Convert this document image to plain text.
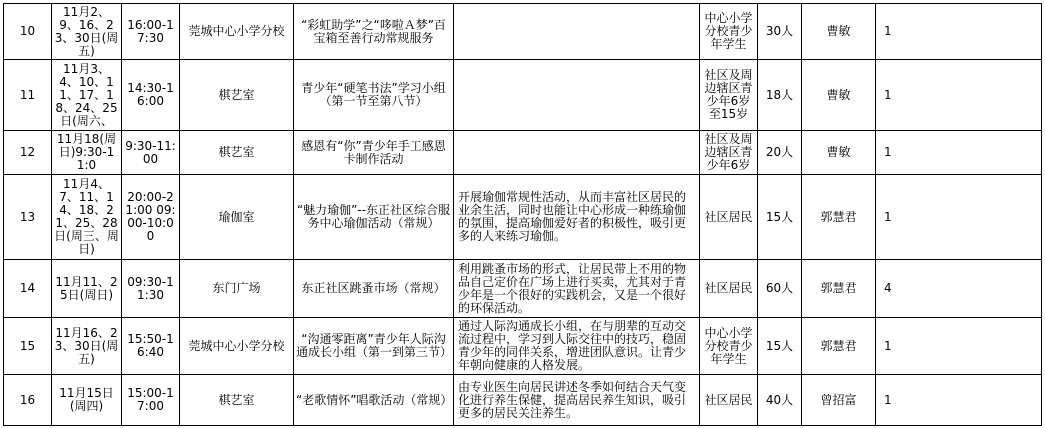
10	11月2、9、16、23、30日(周五)	16:00-17:30	莞城中心小学分校	“彩虹助学”之“哆啦Ａ梦”百宝箱至善行动常规服务		中心小学分校青少年学生	30人	曹敏	1
11	11月3、4、10、11、17、18、24、25日(周六、	14:30-16:00	棋艺室	青少年“硬笔书法”学习小组（第一节至第八节）		社区及周边辖区青少年6岁至15岁	18人	曹敏	1
12	11月18(周日)9:30-11:0	9:30-11:00	棋艺室	感恩有“你”青少年手工感恩卡制作活动		社区及周边辖区青少年6岁	20人	曹敏	1
13	11月4、7、11、14、18、21、25、28日(周三、周日)	20:00-21:00 09:00-10:00	瑜伽室	“魅力瑜伽”--东正社区综合服务中心瑜伽活动（常规）	开展瑜伽常规性活动，从而丰富社区居民的业余生活，同时也能让中心形成一种练瑜伽的氛围，提高瑜伽爱好者的积极性，吸引更多的人来练习瑜伽。	社区居民	15人	郭慧君	1
14	11月11、25日(周日)	09:30-11:30	东门广场	东正社区跳蚤市场（常规）	利用跳蚤市场的形式，让居民带上不用的物品自己定价在广场上进行买卖，尤其对于青少年是一个很好的实践机会，又是一个很好的环保活动。	社区居民	60人	郭慧君	4
15	11月16、23、30日(周五)	15:50-16:40	莞城中心小学分校	“沟通零距离”青少年人际沟通成长小组（第一到第三节）	通过人际沟通成长小组，在与朋辈的互动交流过程中，学习到人际交往中的技巧，稳固青少年的同伴关系，增进团队意识。让青少年朝向健康的人格发展。	中心小学分校青少年学生	15人	郭慧君	1
16	11月15日(周四)	15:00-17:00	棋艺室	“老歌情怀”唱歌活动（常规）	由专业医生向居民讲述冬季如何结合天气变化进行养生保健，提高居民养生知识，吸引更多的居民关注养生。	社区居民	40人	曾招富	1
